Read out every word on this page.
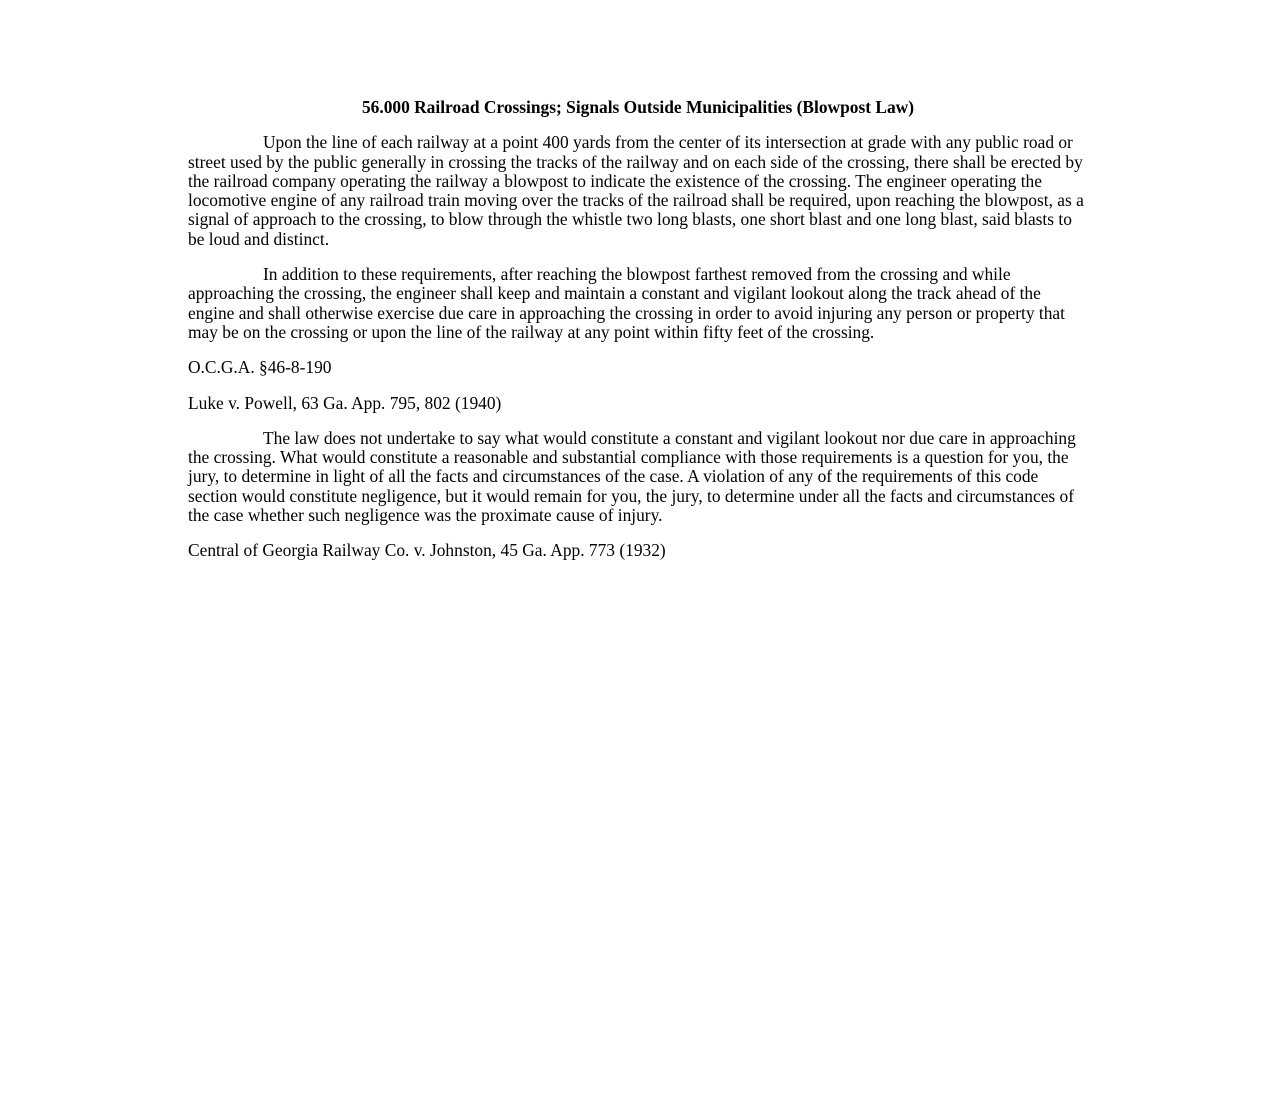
56.000 Railroad Crossings; Signals Outside Municipalities (Blowpost Law)
Upon the line of each railway at a point 400 yards from the center of its intersection at grade with any public road or street used by the public generally in crossing the tracks of the railway and on each side of the crossing, there shall be erected by the railroad company operating the railway a blowpost to indicate the existence of the crossing. The engineer operating the locomotive engine of any railroad train moving over the tracks of the railroad shall be required, upon reaching the blowpost, as a signal of approach to the crossing, to blow through the whistle two long blasts, one short blast and one long blast, said blasts to be loud and distinct.
In addition to these requirements, after reaching the blowpost farthest removed from the crossing and while approaching the crossing, the engineer shall keep and maintain a constant and vigilant lookout along the track ahead of the engine and shall otherwise exercise due care in approaching the crossing in order to avoid injuring any person or property that may be on the crossing or upon the line of the railway at any point within fifty feet of the crossing.
O.C.G.A. §46-8-190
Luke v. Powell, 63 Ga. App. 795, 802 (1940)
The law does not undertake to say what would constitute a constant and vigilant lookout nor due care in approaching the crossing. What would constitute a reasonable and substantial compliance with those requirements is a question for you, the jury, to determine in light of all the facts and circumstances of the case. A violation of any of the requirements of this code section would constitute negligence, but it would remain for you, the jury, to determine under all the facts and circumstances of the case whether such negligence was the proximate cause of injury.
Central of Georgia Railway Co. v. Johnston, 45 Ga. App. 773 (1932)
